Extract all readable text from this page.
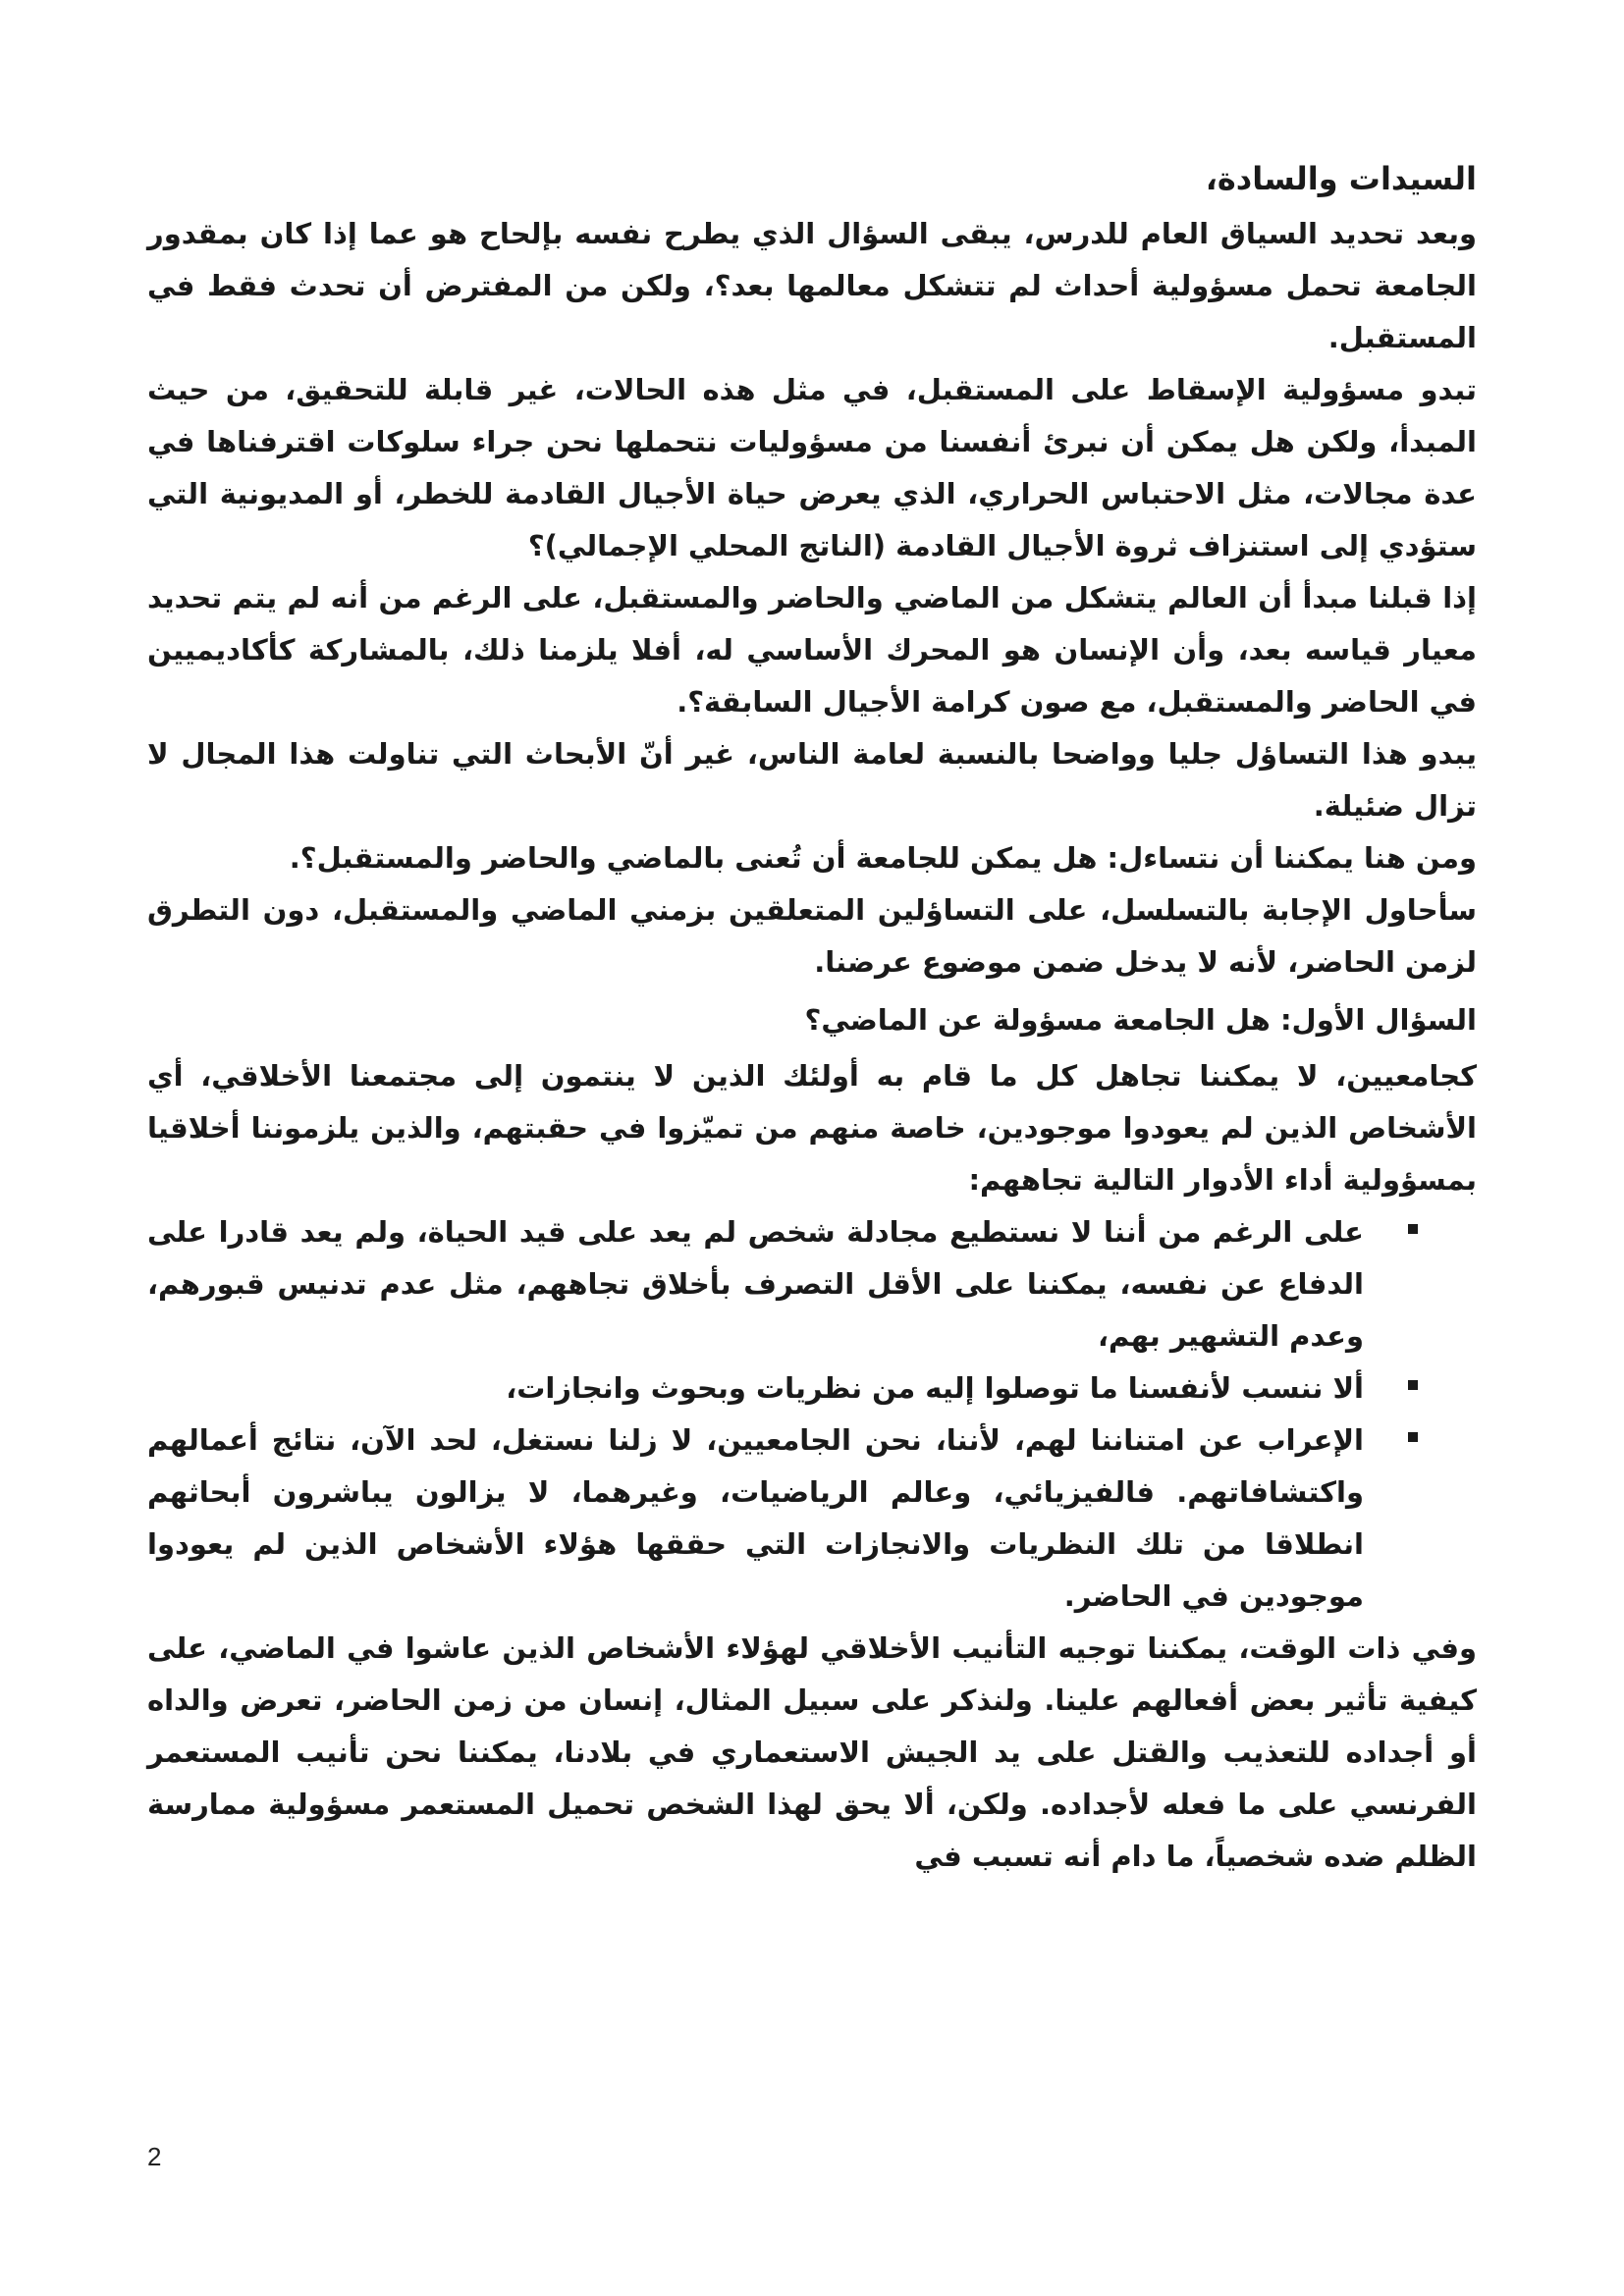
السيدات والسادة،

وبعد تحديد السياق العام للدرس، يبقى السؤال الذي يطرح نفسه بإلحاح هو عما إذا كان بمقدور الجامعة تحمل مسؤولية أحداث لم تتشكل معالمها بعد؟، ولكن من المفترض أن تحدث فقط في المستقبل.

تبدو مسؤولية الإسقاط على المستقبل، في مثل هذه الحالات، غير قابلة للتحقيق، من حيث المبدأ، ولكن هل يمكن أن نبرئ أنفسنا من مسؤوليات نتحملها نحن جراء سلوكات اقترفناها في عدة مجالات، مثل الاحتباس الحراري، الذي يعرض حياة الأجيال القادمة للخطر، أو المديونية التي ستؤدي إلى استنزاف ثروة الأجيال القادمة (الناتج المحلي الإجمالي)؟

إذا قبلنا مبدأ أن العالم يتشكل من الماضي والحاضر والمستقبل، على الرغم من أنه لم يتم تحديد معيار قياسه بعد، وأن الإنسان هو المحرك الأساسي له، أفلا يلزمنا ذلك، بالمشاركة كأكاديميين في الحاضر والمستقبل، مع صون كرامة الأجيال السابقة؟.

يبدو هذا التساؤل جليا وواضحا بالنسبة لعامة الناس، غير أنّ الأبحاث التي تناولت هذا المجال لا تزال ضئيلة.

ومن هنا يمكننا أن نتساءل: هل يمكن للجامعة أن تُعنى بالماضي والحاضر والمستقبل؟.

سأحاول الإجابة بالتسلسل، على التساؤلين المتعلقين بزمني الماضي والمستقبل، دون التطرق لزمن الحاضر، لأنه لا يدخل ضمن موضوع عرضنا.

السؤال الأول: هل الجامعة مسؤولة عن الماضي؟

كجامعيين، لا يمكننا تجاهل كل ما قام به أولئك الذين لا ينتمون إلى مجتمعنا الأخلاقي، أي الأشخاص الذين لم يعودوا موجودين، خاصة منهم من تميّزوا في حقبتهم، والذين يلزموننا أخلاقيا بمسؤولية أداء الأدوار التالية تجاههم:

على الرغم من أننا لا نستطيع مجادلة شخص لم يعد على قيد الحياة، ولم يعد قادرا على الدفاع عن نفسه، يمكننا على الأقل التصرف بأخلاق تجاههم، مثل عدم تدنيس قبورهم، وعدم التشهير بهم،
ألا ننسب لأنفسنا ما توصلوا إليه من نظريات وبحوث وانجازات،
الإعراب عن امتناننا لهم، لأننا، نحن الجامعيين، لا زلنا نستغل، لحد الآن، نتائج أعمالهم واكتشافاتهم. فالفيزيائي، وعالم الرياضيات، وغيرهما، لا يزالون يباشرون أبحاثهم انطلاقا من تلك النظريات والانجازات التي حققها هؤلاء الأشخاص الذين لم يعودوا موجودين في الحاضر.

وفي ذات الوقت، يمكننا توجيه التأنيب الأخلاقي لهؤلاء الأشخاص الذين عاشوا في الماضي، على كيفية تأثير بعض أفعالهم علينا. ولنذكر على سبيل المثال، إنسان من زمن الحاضر، تعرض والداه أو أجداده للتعذيب والقتل على يد الجيش الاستعماري في بلادنا، يمكننا نحن تأنيب المستعمر الفرنسي على ما فعله لأجداده. ولكن، ألا يحق لهذا الشخص تحميل المستعمر مسؤولية ممارسة الظلم ضده شخصياً، ما دام أنه تسبب في

2
